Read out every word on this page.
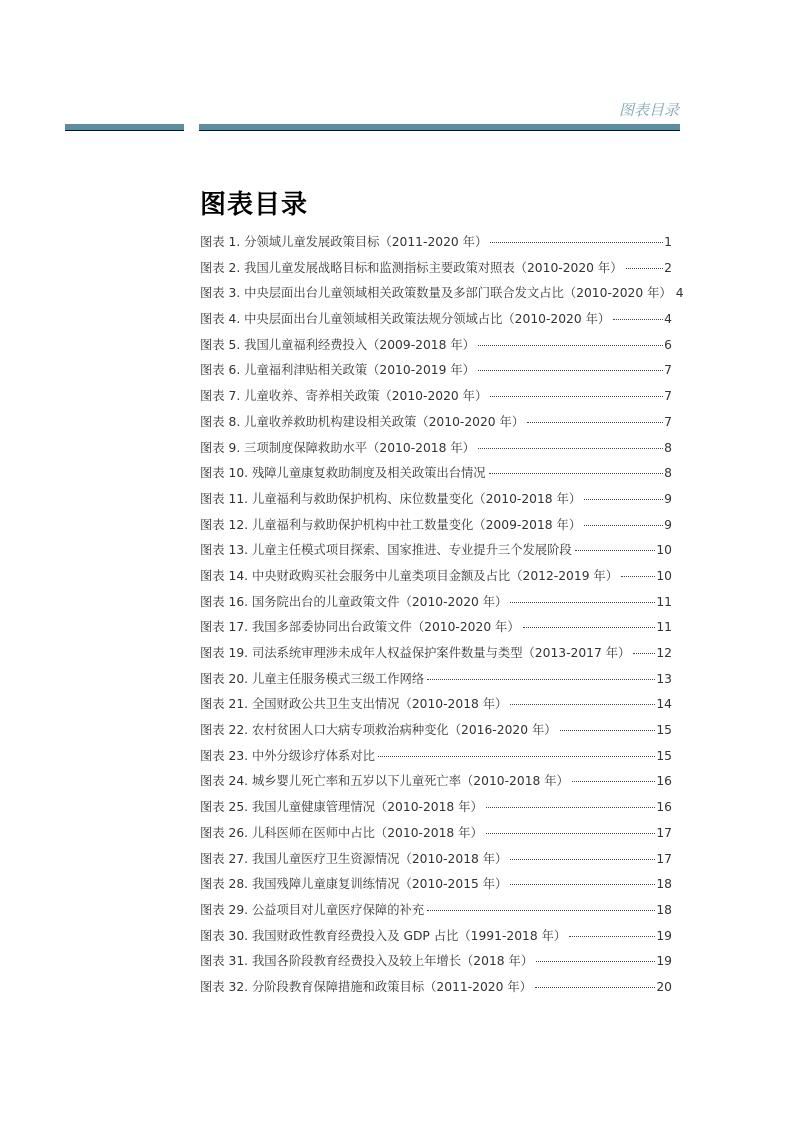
图表目录
图表目录
图表 1. 分领域儿童发展政策目标（2011-2020 年）	1
图表 2. 我国儿童发展战略目标和监测指标主要政策对照表（2010-2020 年）	2
图表 3. 中央层面出台儿童领域相关政策数量及多部门联合发文占比（2010-2020 年） 4
图表 4. 中央层面出台儿童领域相关政策法规分领域占比（2010-2020 年）	4
图表 5. 我国儿童福利经费投入（2009-2018 年）	6
图表 6. 儿童福利津贴相关政策（2010-2019 年）	7
图表 7. 儿童收养、寄养相关政策（2010-2020 年）	7
图表 8. 儿童收养救助机构建设相关政策（2010-2020 年）	7
图表 9. 三项制度保障救助水平（2010-2018 年）	8
图表 10. 残障儿童康复救助制度及相关政策出台情况	8
图表 11. 儿童福利与救助保护机构、床位数量变化（2010-2018 年）	9
图表 12. 儿童福利与救助保护机构中社工数量变化（2009-2018 年）	9
图表 13. 儿童主任模式项目探索、国家推进、专业提升三个发展阶段	10
图表 14. 中央财政购买社会服务中儿童类项目金额及占比（2012-2019 年）	10
图表 16. 国务院出台的儿童政策文件（2010-2020 年）	11
图表 17. 我国多部委协同出台政策文件（2010-2020 年）	11
图表 19. 司法系统审理涉未成年人权益保护案件数量与类型（2013-2017 年） 12
图表 20. 儿童主任服务模式三级工作网络	13
图表 21. 全国财政公共卫生支出情况（2010-2018 年）	14
图表 22. 农村贫困人口大病专项救治病种变化（2016-2020 年）	15
图表 23. 中外分级诊疗体系对比	15
图表 24. 城乡婴儿死亡率和五岁以下儿童死亡率（2010-2018 年）	16
图表 25. 我国儿童健康管理情况（2010-2018 年）	16
图表 26. 儿科医师在医师中占比（2010-2018 年）	17
图表 27. 我国儿童医疗卫生资源情况（2010-2018 年）	17
图表 28. 我国残障儿童康复训练情况（2010-2015 年）	18
图表 29. 公益项目对儿童医疗保障的补充	18
图表 30. 我国财政性教育经费投入及 GDP 占比（1991-2018 年）	19
图表 31. 我国各阶段教育经费投入及较上年增长（2018 年）	19
图表 32. 分阶段教育保障措施和政策目标（2011-2020 年）	20
